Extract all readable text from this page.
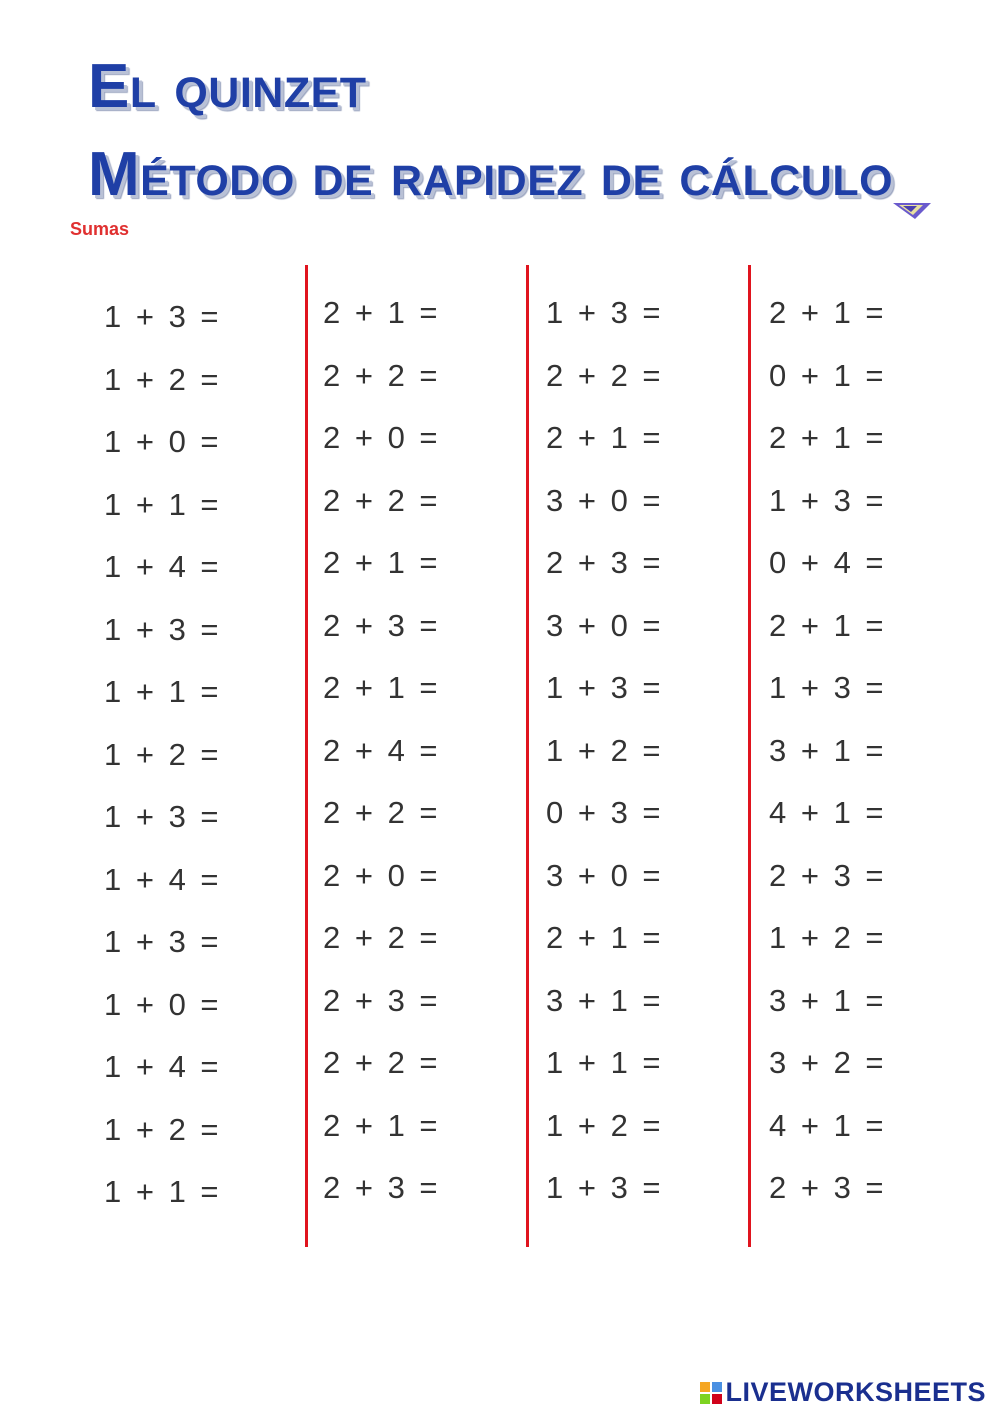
El quinzet
Método de rapidez de cálculo
Sumas
1 + 3 =
1 + 2 =
1 + 0 =
1 + 1 =
1 + 4 =
1 + 3 =
1 + 1 =
1 + 2 =
1 + 3 =
1 + 4 =
1 + 3 =
1 + 0 =
1 + 4 =
1 + 2 =
1 + 1 =
2 + 1 =
2 + 2 =
2 + 0 =
2 + 2 =
2 + 1 =
2 + 3 =
2 + 1 =
2 + 4 =
2 + 2 =
2 + 0 =
2 + 2 =
2 + 3 =
2 + 2 =
2 + 1 =
2 + 3 =
1 + 3 =
2 + 2 =
2 + 1 =
3 + 0 =
2 + 3 =
3 + 0 =
1 + 3 =
1 + 2 =
0 + 3 =
3 + 0 =
2 + 1 =
3 + 1 =
1 + 1 =
1 + 2 =
1 + 3 =
2 + 1 =
0 + 1 =
2 + 1 =
1 + 3 =
0 + 4 =
2 + 1 =
1 + 3 =
3 + 1 =
4 + 1 =
2 + 3 =
1 + 2 =
3 + 1 =
3 + 2 =
4 + 1 =
2 + 3 =
LIVEWORKSHEETS
